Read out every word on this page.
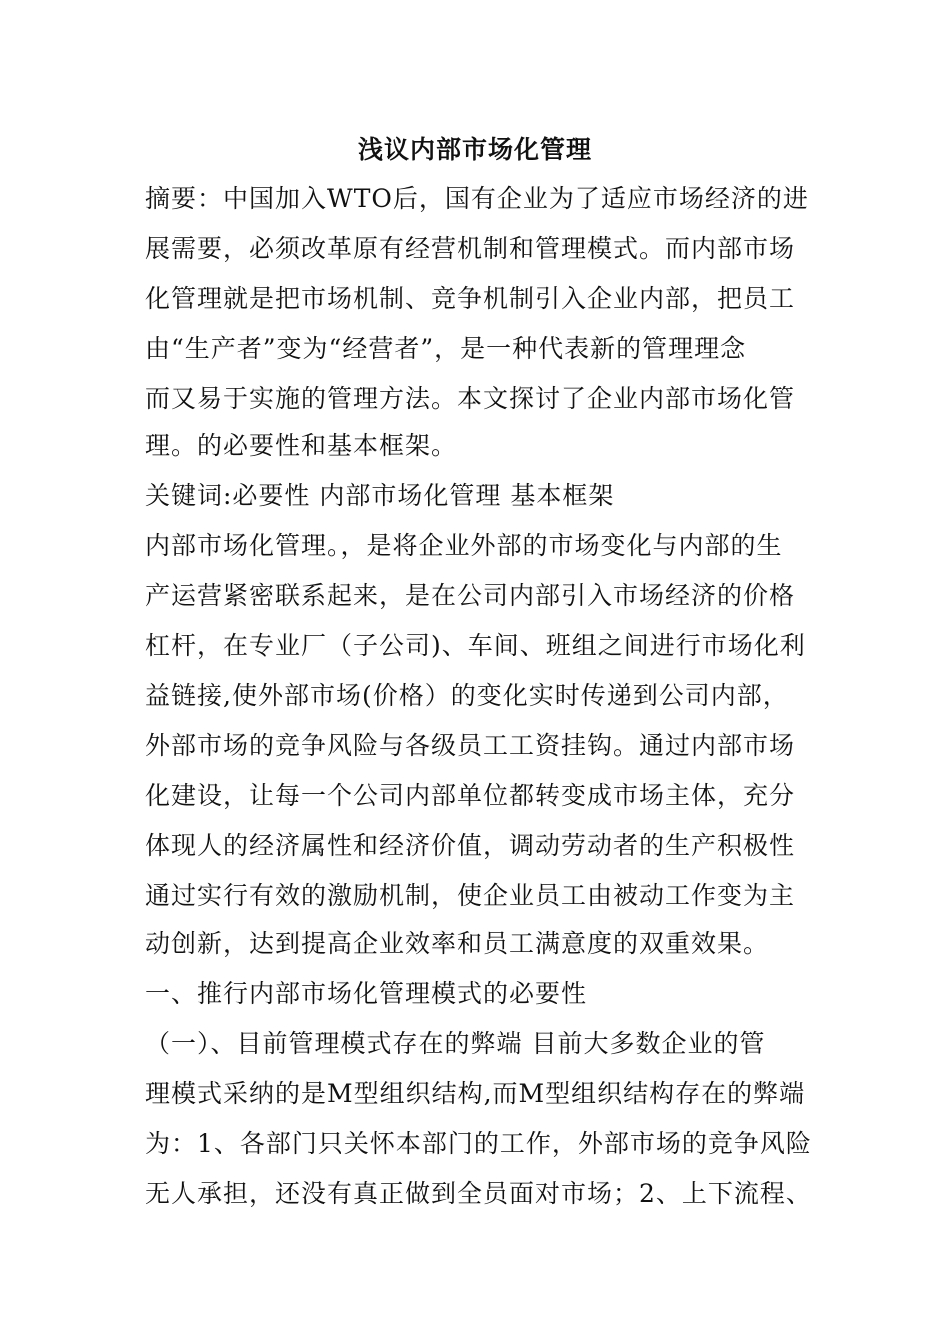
浅议内部市场化管理
摘要：中国加入WTO后，国有企业为了适应市场经济的进
展需要，必须改革原有经营机制和管理模式。而内部市场
化管理就是把市场机制、竞争机制引入企业内部，把员工
由“生产者”变为“经营者”，是一种代表新的管理理念
而又易于实施的管理方法。本文探讨了企业内部市场化管
理。的必要性和基本框架。
关键词:必要性 内部市场化管理 基本框架
内部市场化管理。，是将企业外部的市场变化与内部的生
产运营紧密联系起来，是在公司内部引入市场经济的价格
杠杆，在专业厂（子公司)、车间、班组之间进行市场化利
益链接,使外部市场(价格）的变化实时传递到公司内部，
外部市场的竞争风险与各级员工工资挂钩。通过内部市场
化建设，让每一个公司内部单位都转变成市场主体，充分
体现人的经济属性和经济价值，调动劳动者的生产积极性
通过实行有效的激励机制，使企业员工由被动工作变为主
动创新，达到提高企业效率和员工满意度的双重效果。
一、推行内部市场化管理模式的必要性
（一）、目前管理模式存在的弊端 目前大多数企业的管
理模式采纳的是M型组织结构,而M型组织结构存在的弊端
为：1、各部门只关怀本部门的工作，外部市场的竞争风险
无人承担，还没有真正做到全员面对市场；2、上下流程、
